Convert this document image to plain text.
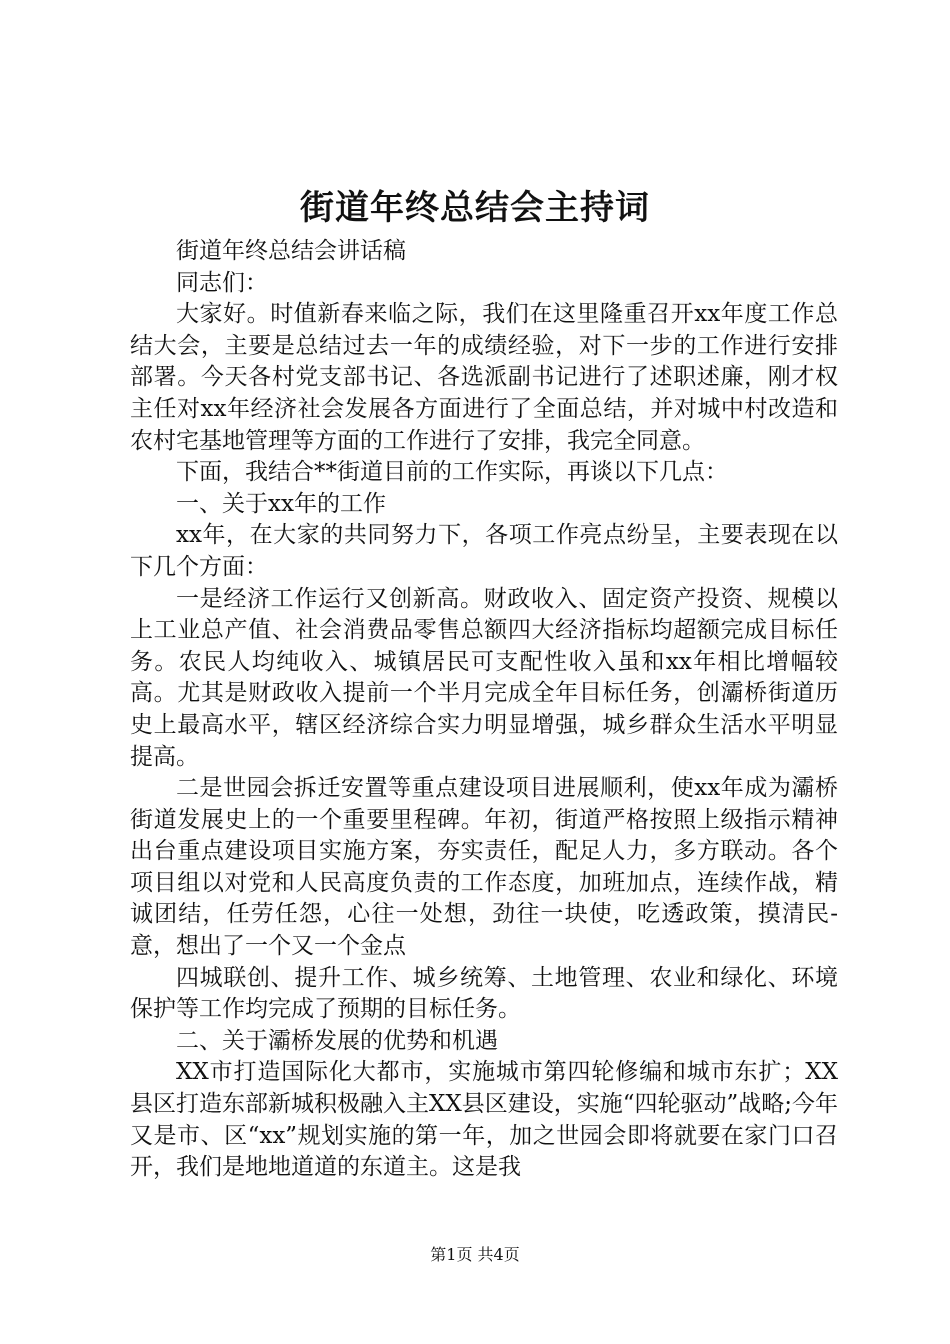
街道年终总结会主持词

街道年终总结会讲话稿

同志们：

大家好。时值新春来临之际，我们在这里隆重召开xx年度工作总结大会，主要是总结过去一年的成绩经验，对下一步的工作进行安排部署。今天各村党支部书记、各选派副书记进行了述职述廉，刚才权主任对xx年经济社会发展各方面进行了全面总结，并对城中村改造和农村宅基地管理等方面的工作进行了安排，我完全同意。

下面，我结合**街道目前的工作实际，再谈以下几点：

一、关于xx年的工作

xx年，在大家的共同努力下，各项工作亮点纷呈，主要表现在以下几个方面：

一是经济工作运行又创新高。财政收入、固定资产投资、规模以上工业总产值、社会消费品零售总额四大经济指标均超额完成目标任务。农民人均纯收入、城镇居民可支配性收入虽和xx年相比增幅较高。尤其是财政收入提前一个半月完成全年目标任务，创灞桥街道历史上最高水平，辖区经济综合实力明显增强，城乡群众生活水平明显提高。

二是世园会拆迁安置等重点建设项目进展顺利，使xx年成为灞桥街道发展史上的一个重要里程碑。年初，街道严格按照上级指示精神出台重点建设项目实施方案，夯实责任，配足人力，多方联动。各个项目组以对党和人民高度负责的工作态度，加班加点，连续作战，精诚团结，任劳任怨，心往一处想，劲往一块使，吃透政策，摸清民-意，想出了一个又一个金点

四城联创、提升工作、城乡统筹、土地管理、农业和绿化、环境保护等工作均完成了预期的目标任务。

二、关于灞桥发展的优势和机遇

XX市打造国际化大都市，实施城市第四轮修编和城市东扩；XX县区打造东部新城积极融入主XX县区建设，实施“四轮驱动”战略;今年又是市、区“xx”规划实施的第一年，加之世园会即将就要在家门口召开，我们是地地道道的东道主。这是我

第1页 共4页
